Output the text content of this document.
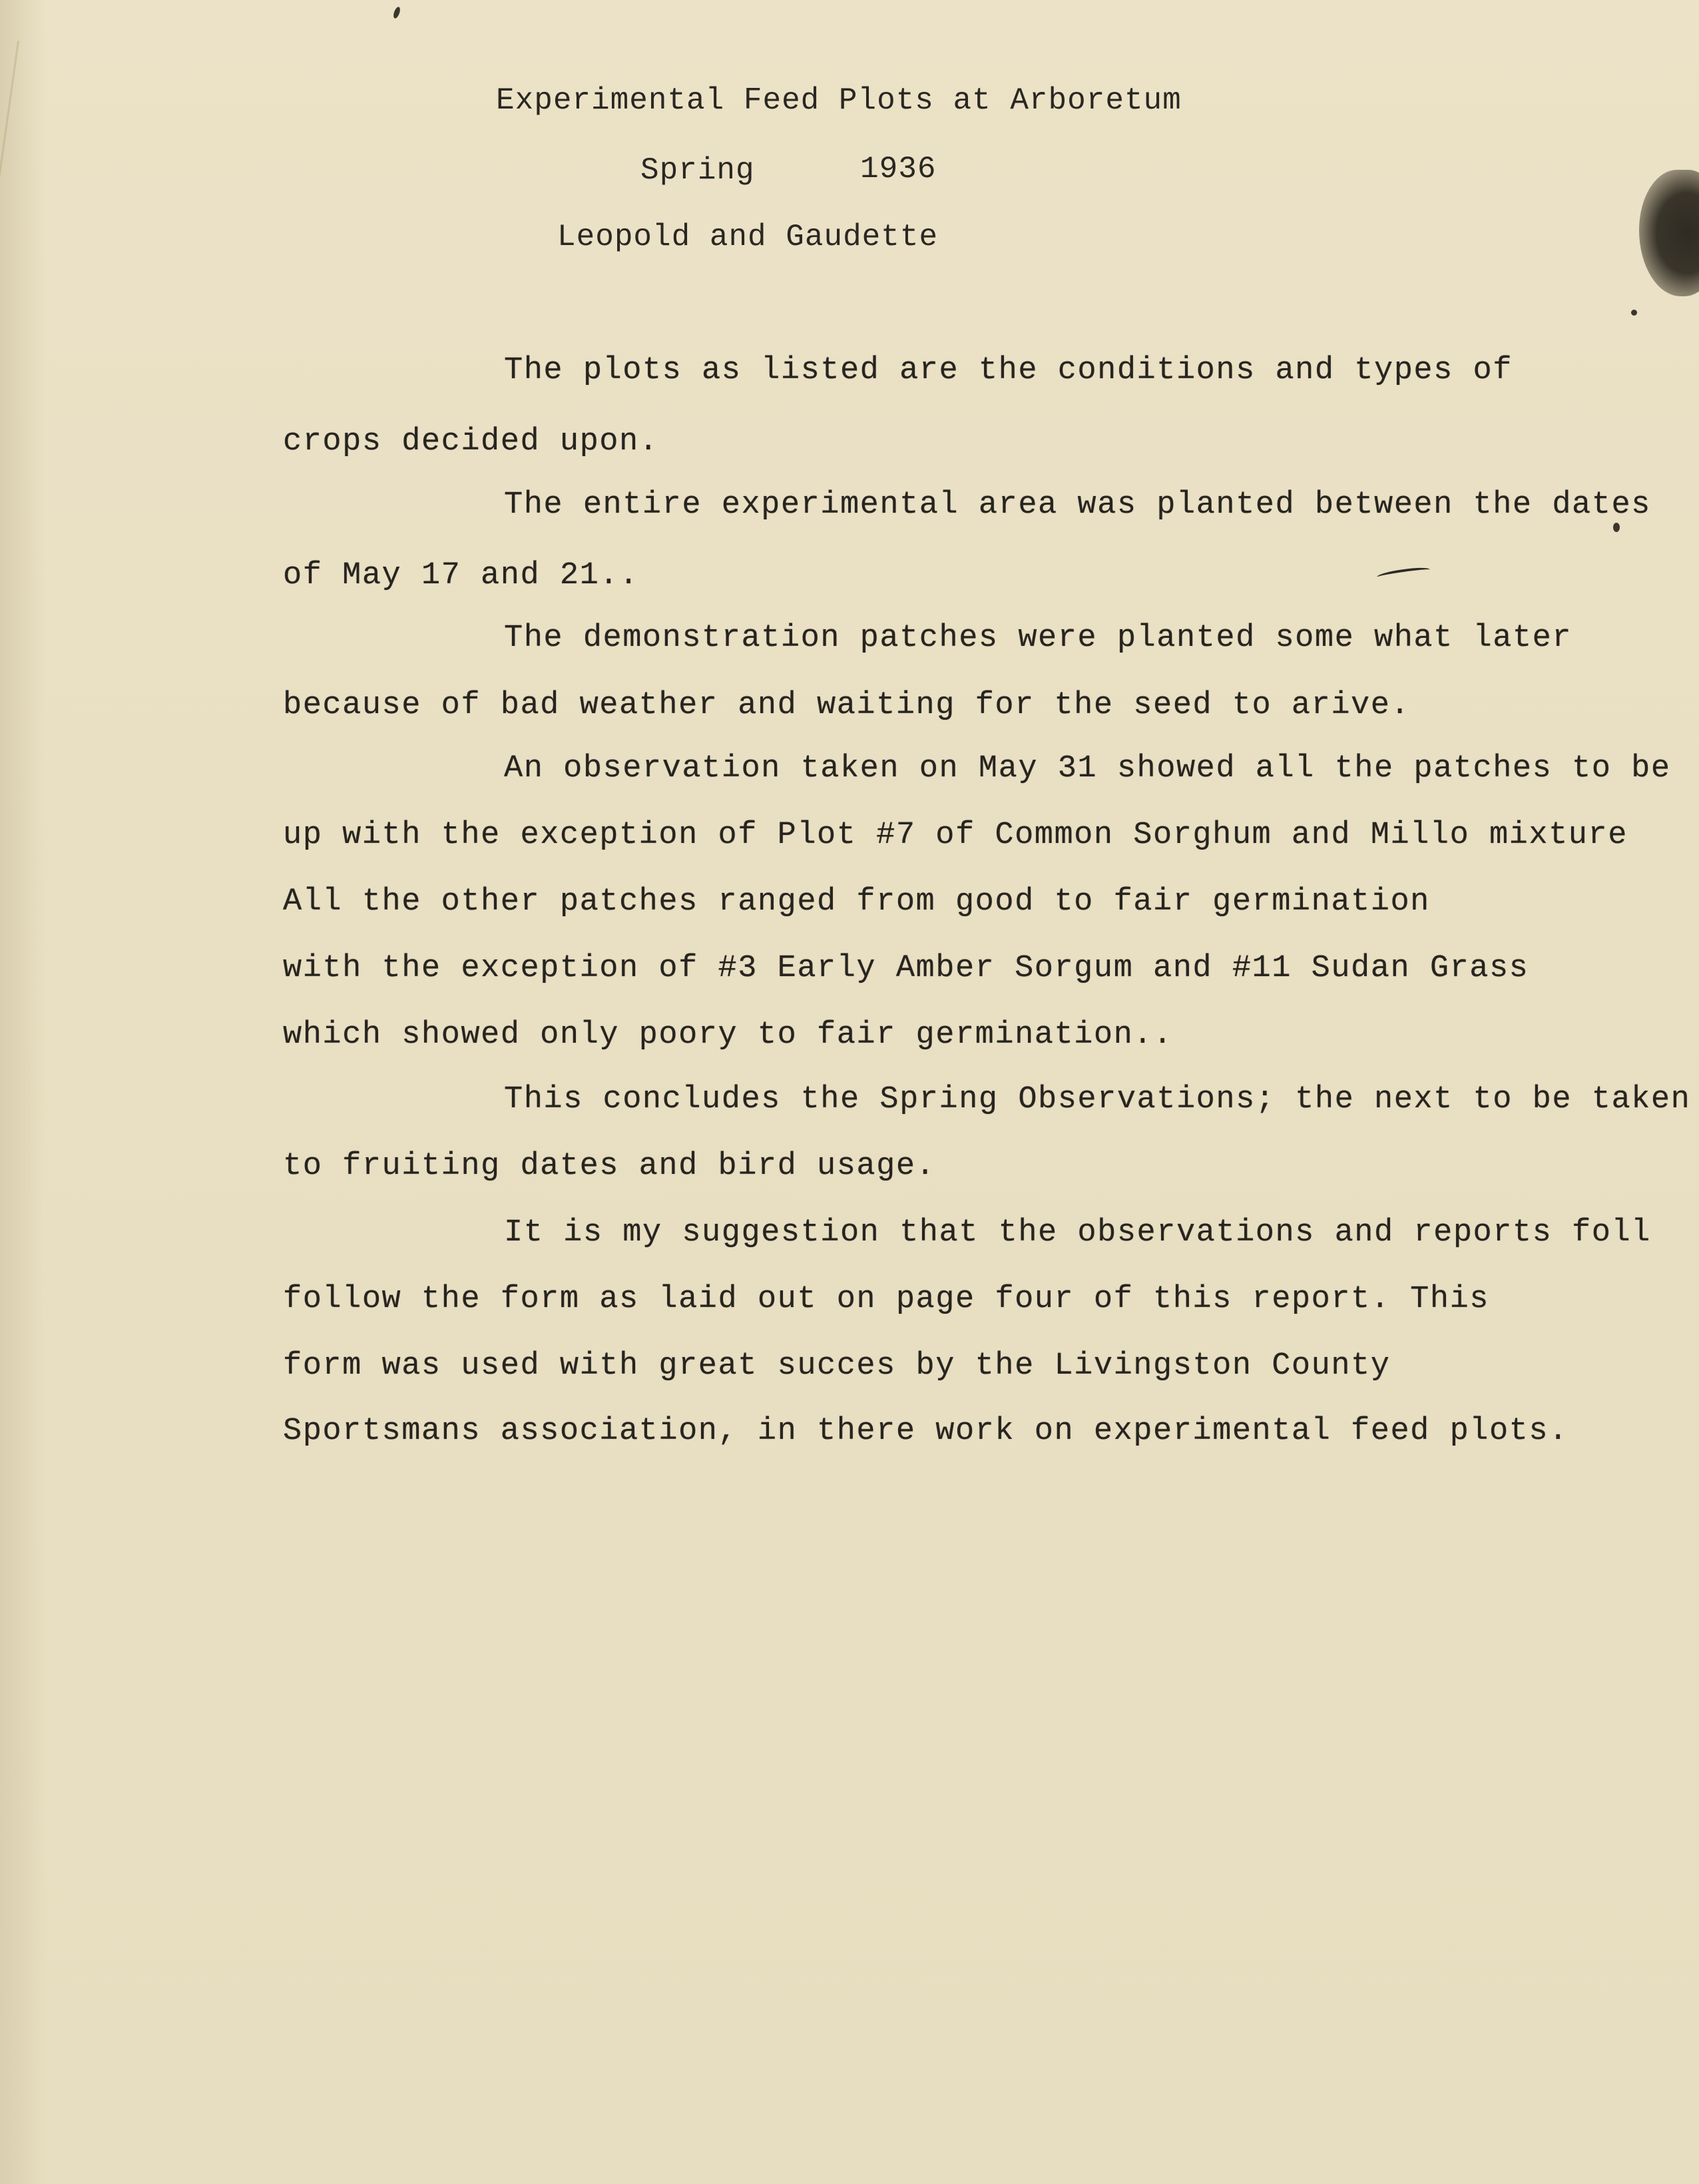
Experimental Feed Plots at Arboretum
Spring	1936
Leopold and Gaudette
The plots as listed are the conditions and types of
crops decided upon.
The entire experimental area was planted between the dates
of May 17 and 21..
The demonstration patches were planted some what later
because of bad weather and waiting for the seed to arive.
An observation taken on May 31 showed all the patches to be
up with the exception of Plot #7 of Common Sorghum and Millo mixture
All the other patches ranged from good to fair germination
with the exception of #3 Early Amber Sorgum and #11 Sudan Grass
which showed only poory to fair germination..
This concludes the Spring Observations; the next to be taken
to fruiting dates and bird usage.
It is my suggestion that the observations and reports foll
follow the form as laid out on page four of this report. This
form was used with great succes by the Livingston County
Sportsmans association, in there work on experimental feed plots.
